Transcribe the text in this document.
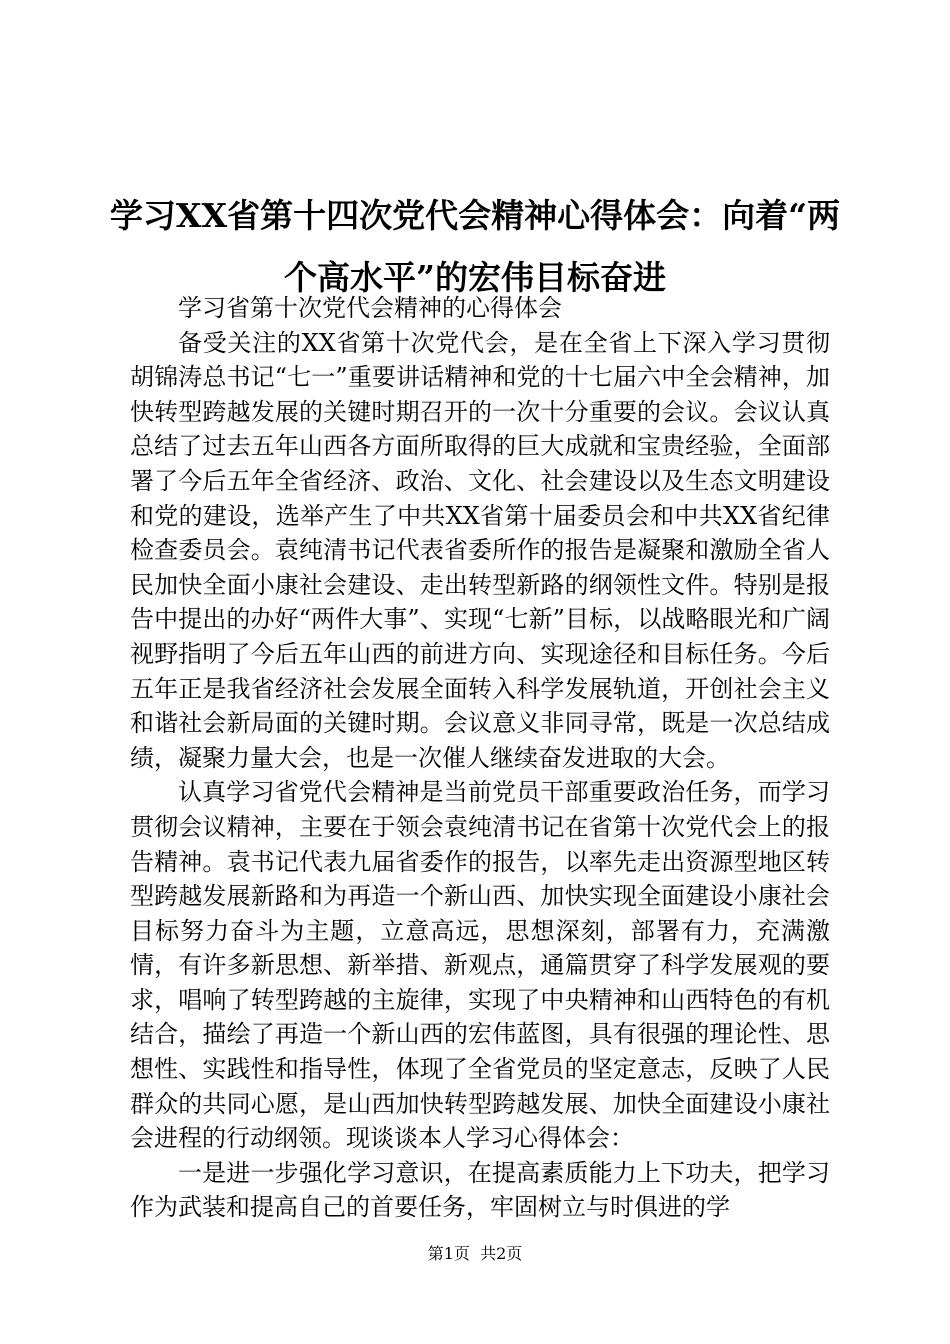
学习XX省第十四次党代会精神心得体会：向着“两个高水平”的宏伟目标奋进

学习省第十次党代会精神的心得体会

备受关注的XX省第十次党代会，是在全省上下深入学习贯彻胡锦涛总书记“七一”重要讲话精神和党的十七届六中全会精神，加快转型跨越发展的关键时期召开的一次十分重要的会议。会议认真总结了过去五年山西各方面所取得的巨大成就和宝贵经验，全面部署了今后五年全省经济、政治、文化、社会建设以及生态文明建设和党的建设，选举产生了中共XX省第十届委员会和中共XX省纪律检查委员会。袁纯清书记代表省委所作的报告是凝聚和激励全省人民加快全面小康社会建设、走出转型新路的纲领性文件。特别是报告中提出的办好“两件大事”、实现“七新”目标，以战略眼光和广阔视野指明了今后五年山西的前进方向、实现途径和目标任务。今后五年正是我省经济社会发展全面转入科学发展轨道，开创社会主义和谐社会新局面的关键时期。会议意义非同寻常，既是一次总结成绩，凝聚力量大会，也是一次催人继续奋发进取的大会。

认真学习省党代会精神是当前党员干部重要政治任务，而学习贯彻会议精神，主要在于领会袁纯清书记在省第十次党代会上的报告精神。袁书记代表九届省委作的报告，以率先走出资源型地区转型跨越发展新路和为再造一个新山西、加快实现全面建设小康社会目标努力奋斗为主题，立意高远，思想深刻，部署有力，充满激情，有许多新思想、新举措、新观点，通篇贯穿了科学发展观的要求，唱响了转型跨越的主旋律，实现了中央精神和山西特色的有机结合，描绘了再造一个新山西的宏伟蓝图，具有很强的理论性、思想性、实践性和指导性，体现了全省党员的坚定意志，反映了人民群众的共同心愿，是山西加快转型跨越发展、加快全面建设小康社会进程的行动纲领。现谈谈本人学习心得体会：

一是进一步强化学习意识，在提高素质能力上下功夫，把学习作为武装和提高自己的首要任务，牢固树立与时俱进的学

第1页 共2页
